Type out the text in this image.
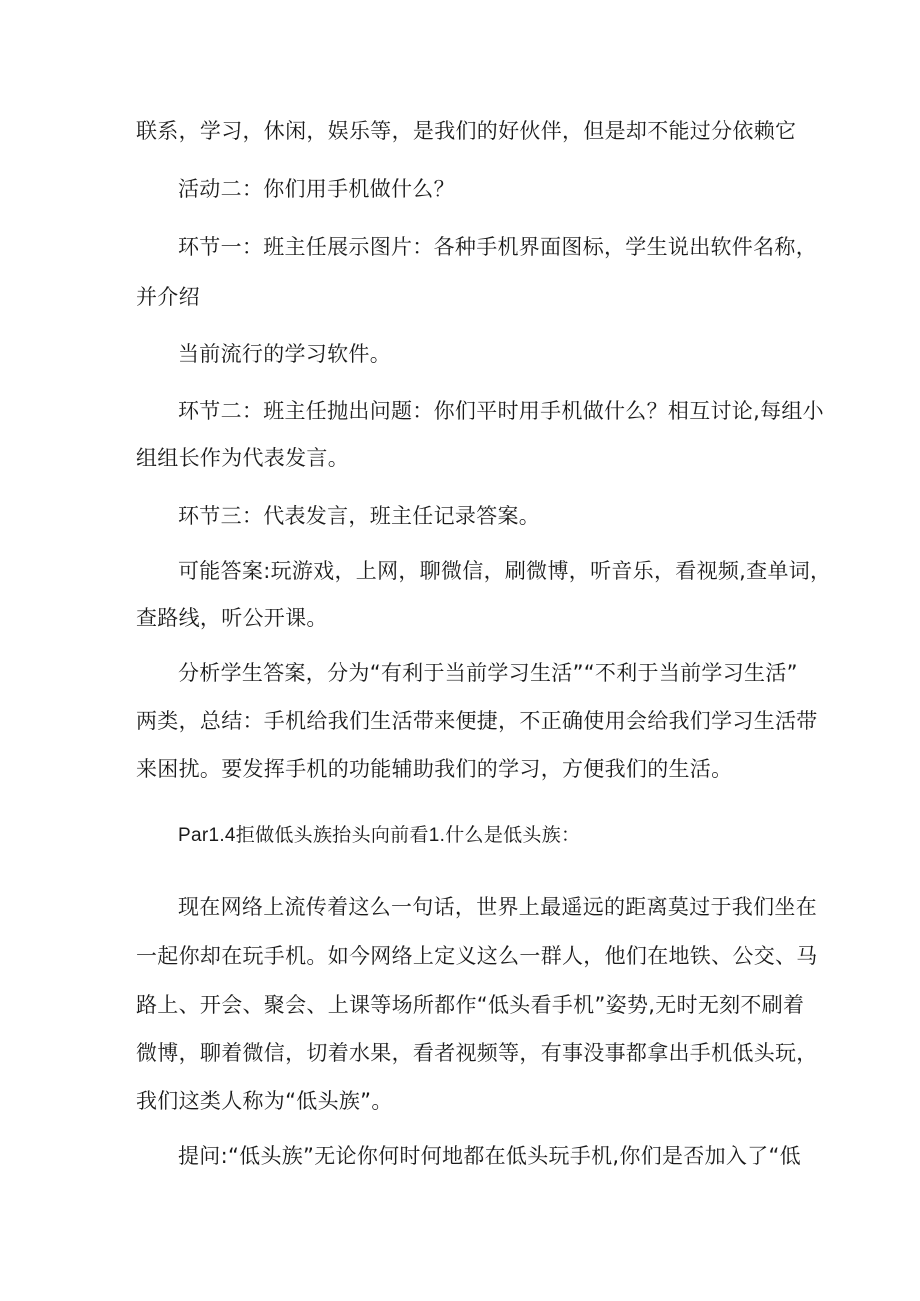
联系，学习，休闲，娱乐等，是我们的好伙伴，但是却不能过分依赖它

活动二：你们用手机做什么？

环节一：班主任展示图片：各种手机界面图标，学生说出软件名称，

并介绍

当前流行的学习软件。

环节二：班主任抛出问题：你们平时用手机做什么？相互讨论,每组小

组组长作为代表发言。

环节三：代表发言，班主任记录答案。

可能答案:玩游戏，上网，聊微信，刷微博，听音乐，看视频,查单词，

查路线，听公开课。

分析学生答案，分为“有利于当前学习生活”“不利于当前学习生活”

两类，总结：手机给我们生活带来便捷，不正确使用会给我们学习生活带

来困扰。要发挥手机的功能辅助我们的学习，方便我们的生活。

Par1.4拒做低头族抬头向前看1.什么是低头族：

现在网络上流传着这么一句话，世界上最遥远的距离莫过于我们坐在

一起你却在玩手机。如今网络上定义这么一群人，他们在地铁、公交、马

路上、开会、聚会、上课等场所都作“低头看手机”姿势,无时无刻不刷着

微博，聊着微信，切着水果，看者视频等，有事没事都拿出手机低头玩，

我们这类人称为“低头族”。

提问:“低头族”无论你何时何地都在低头玩手机,你们是否加入了“低
